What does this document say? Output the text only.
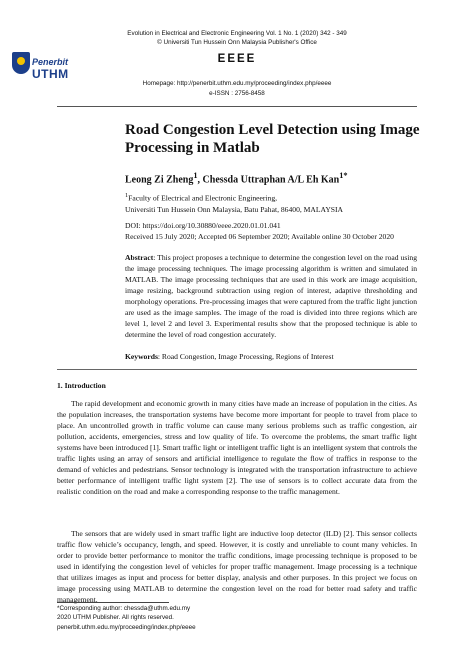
Evolution in Electrical and Electronic Engineering Vol. 1 No. 1 (2020) 342 - 349
© Universiti Tun Hussein Onn Malaysia Publisher's Office
Penerbit
UTHM
EEEE
Homepage: http://penerbit.uthm.edu.my/proceeding/index.php/eeee
e-ISSN : 2756-8458
Road Congestion Level Detection using Image Processing in Matlab
Leong Zi Zheng$^1$, Chessda Uttraphan A/L Eh Kan$^{1*}$
$^1$Faculty of Electrical and Electronic Engineering,
Universiti Tun Hussein Onn Malaysia, Batu Pahat, 86400, MALAYSIA
DOI: https://doi.org/10.30880/eeee.2020.01.01.041
Received 15 July 2020; Accepted 06 September 2020; Available online 30 October 2020
Abstract: This project proposes a technique to determine the congestion level on the road using the image processing techniques. The image processing algorithm is written and simulated in MATLAB. The image processing techniques that are used in this work are image acquisition, image resizing, background subtraction using region of interest, adaptive thresholding and morphology operations. Pre-processing images that were captured from the traffic light junction are used as the image samples. The image of the road is divided into three regions which are level 1, level 2 and level 3. Experimental results show that the proposed technique is able to determine the level of road congestion accurately.
Keywords: Road Congestion, Image Processing, Regions of Interest
1. Introduction
The rapid development and economic growth in many cities have made an increase of population in the cities. As the population increases, the transportation systems have become more important for people to travel from place to place. An uncontrolled growth in traffic volume can cause many serious problems such as traffic congestion, air pollution, accidents, emergencies, stress and low quality of life. To overcome the problems, the smart traffic light systems have been introduced [1]. Smart traffic light or intelligent traffic light is an intelligent system that controls the traffic lights using an array of sensors and artificial intelligence to regulate the flow of traffics in response to the demand of vehicles and pedestrians. Sensor technology is integrated with the transportation infrastructure to achieve better performance of intelligent traffic light system [2]. The use of sensors is to collect accurate data from the realistic condition on the road and make a corresponding response to the traffic management.
The sensors that are widely used in smart traffic light are inductive loop detector (ILD) [2]. This sensor collects traffic flow vehicle’s occupancy, length, and speed. However, it is costly and unreliable to count many vehicles. In order to provide better performance to monitor the traffic conditions, image processing technique is proposed to be used in identifying the congestion level of vehicles for proper traffic management. Image processing is a technique that utilizes images as input and process for better display, analysis and other purposes. In this project we focus on image processing using MATLAB to determine the congestion level on the road for better road safety and traffic management.
*Corresponding author: chessda@uthm.edu.my
2020 UTHM Publisher. All rights reserved.
penerbit.uthm.edu.my/proceeding/index.php/eeee
